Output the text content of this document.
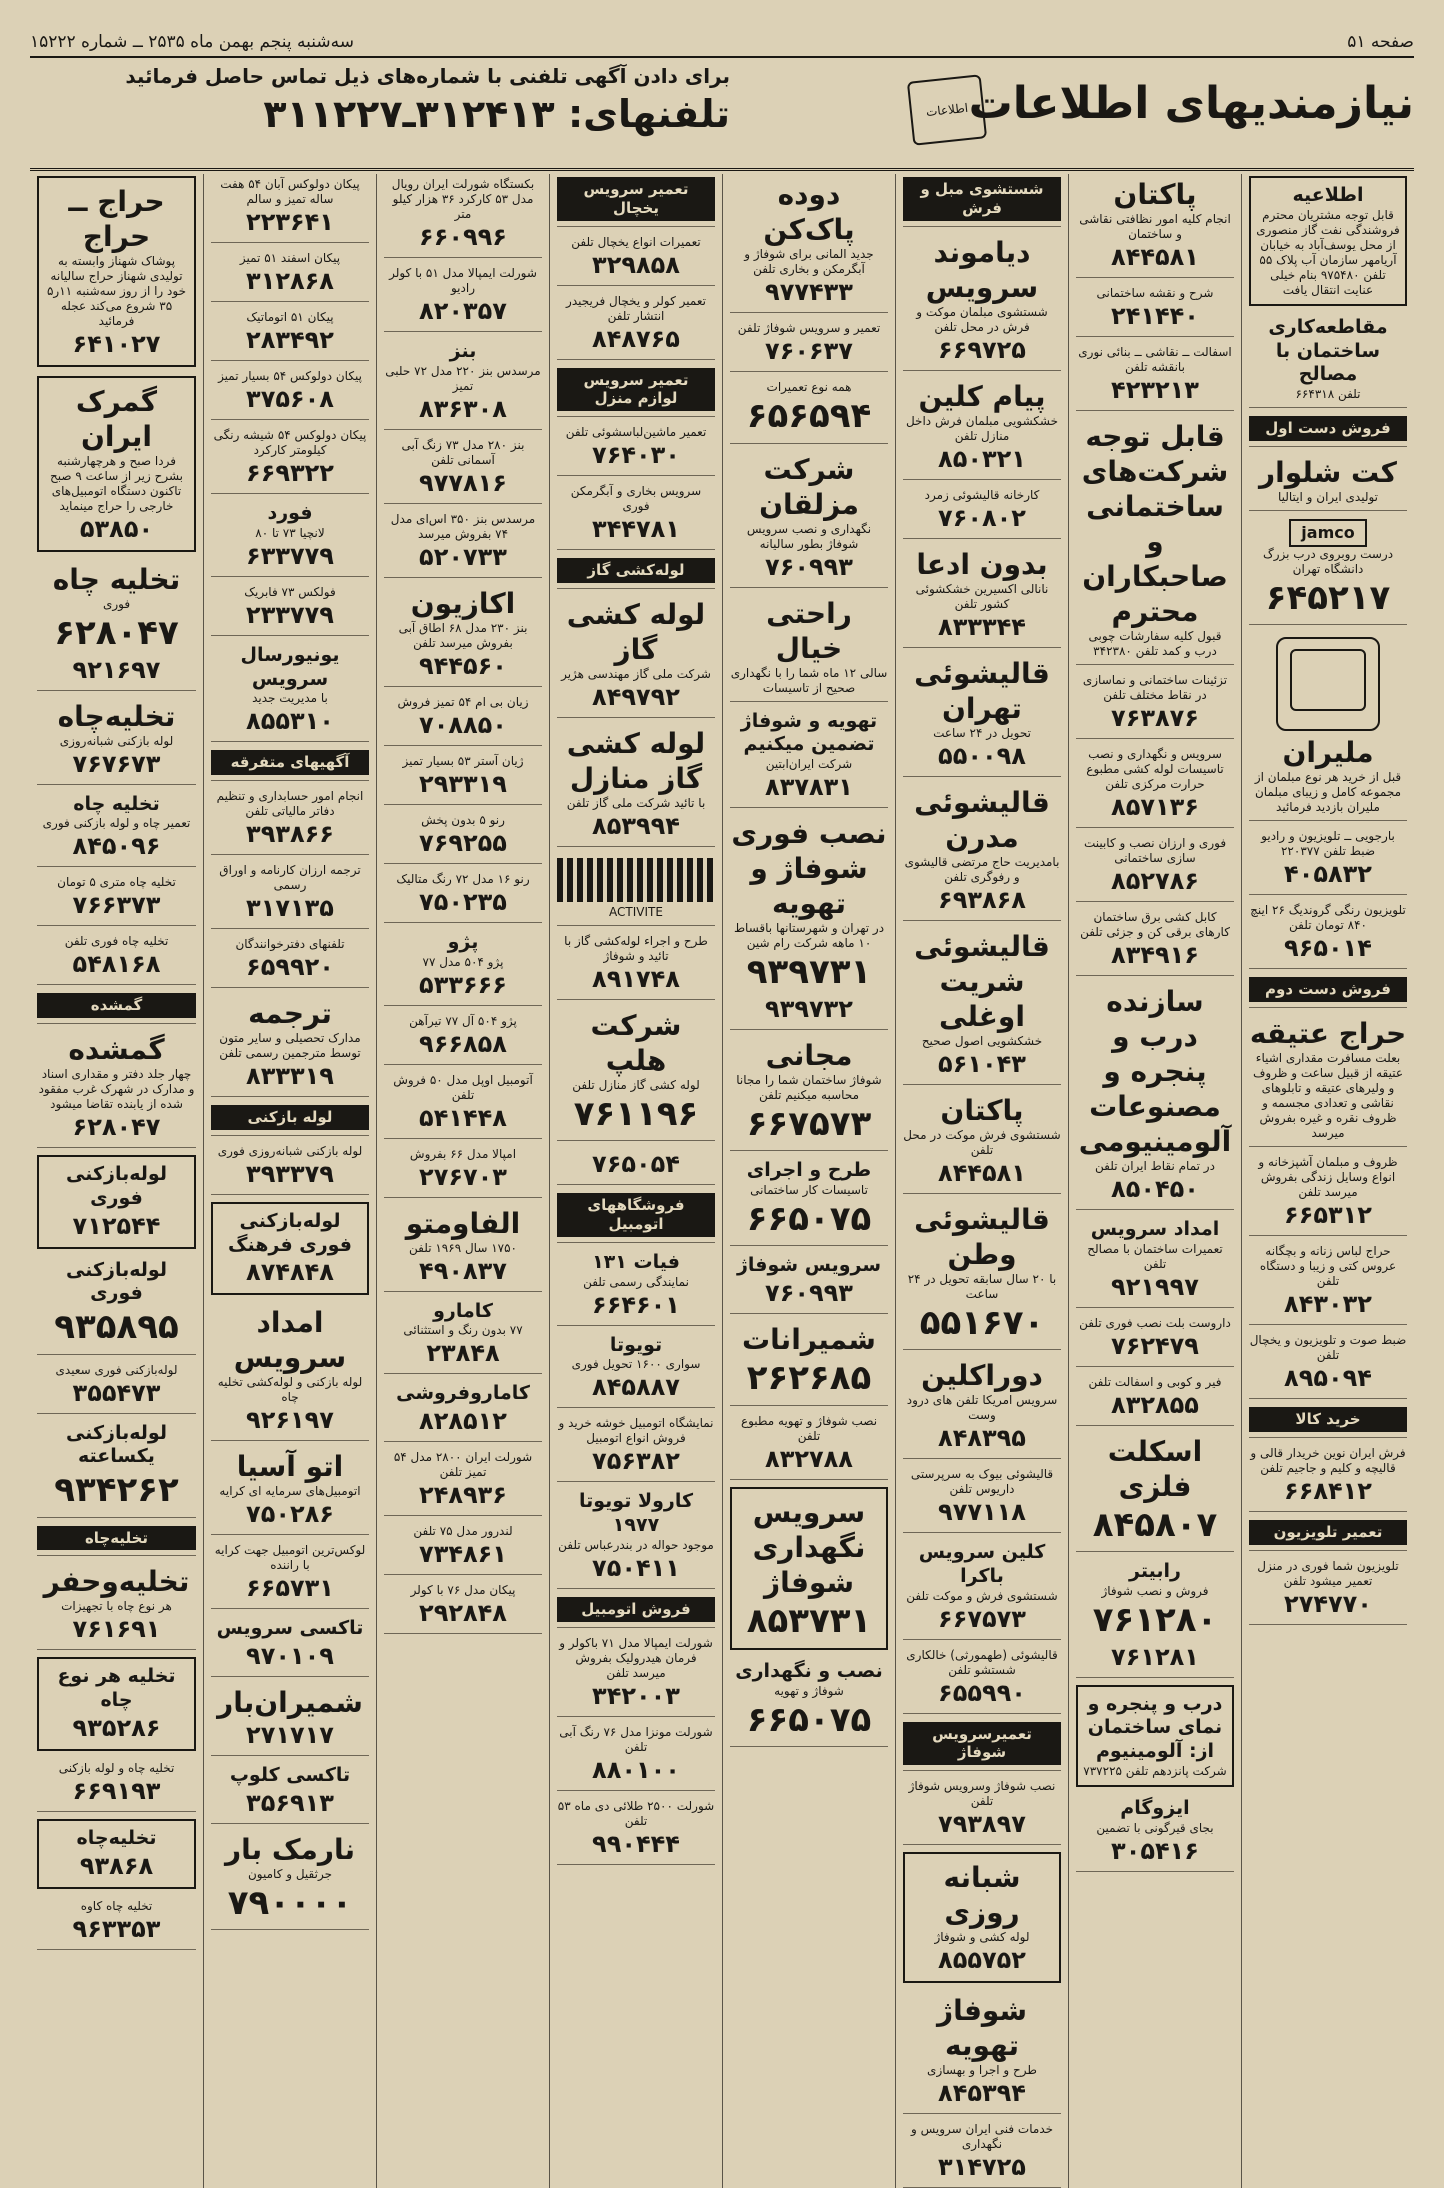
صفحه ۵۱
سه‌شنبه پنجم بهمن ماه ۲۵۳۵ ــ شماره ۱۵۲۲۲
نیازمندیهای اطلاعات
اطلاعات
برای دادن آگهی تلفنی با شماره‌های ذیل تماس حاصل فرمائید
تلفنهای: ۳۱۲۴۱۳ـ۳۱۱۲۲۷
اطلاعیه
قابل توجه مشتریان محترم فروشندگی نفت گاز منصوری از محل یوسف‌آباد به خیابان آریامهر سازمان آب پلاک ۵۵ تلفن ۹۷۵۴۸۰ بنام خیلی عنایت انتقال یافت
مقاطعه‌کاری ساختمان با مصالح
تلفن ۶۶۴۳۱۸
فروش دست اول
کت شلوار
تولیدی ایران و ایتالیا
jamco
درست روبروی درب بزرگ دانشگاه تهران
۶۴۵۲۱۷
ملیران
قبل از خرید هر نوع مبلمان از مجموعه کامل و زیبای مبلمان ملیران بازدید فرمائید
بارجویی ــ تلویزیون و رادیو ضبط تلفن ۲۲۰۳۷۷
۴۰۵۸۳۲
تلویزیون رنگی گروندیگ ۲۶ اینچ ۸۴۰ تومان تلفن
۹۶۵۰۱۴
فروش دست دوم
حراج عتیقه
بعلت مسافرت مقداری اشیاء عتیقه از قبیل ساعت و ظروف و ولیرهای عتیقه و تابلوهای نقاشی و تعدادی مجسمه و ظروف نقره و غیره بفروش میرسد
ظروف و مبلمان آشپزخانه و انواع وسایل زندگی بفروش میرسد تلفن
۶۶۵۳۱۲
حراج لباس زنانه و بچگانه عروس کتی و زیبا و دستگاه تلفن
۸۴۳۰۳۲
ضبط صوت و تلویزیون و یخچال تلفن
۸۹۵۰۹۴
خرید کالا
فرش ایران نوین خریدار قالی و قالیچه و کلیم و جاجیم تلفن
۶۶۸۴۱۲
تعمیر تلویزیون
تلویزیون شما فوری در منزل تعمیر میشود تلفن
۲۷۴۷۷۰
پاکتان
انجام کلیه امور نظافتی نقاشی و ساختمان
۸۴۴۵۸۱
شرح و نقشه ساختمانی
۲۴۱۴۴۰
اسفالت ــ نقاشی ــ بنائی نوری بانقشه تلفن
۴۲۳۲۱۳
قابل توجه شرکت‌های ساختمانی و صاحبکاران محترم
قبول کلیه سفارشات چوبی درب و کمد تلفن ۳۴۲۳۸۰
تزئینات ساختمانی و نماسازی در نقاط مختلف تلفن
۷۶۳۸۷۶
سرویس و نگهداری و نصب تاسیسات لوله کشی مطبوع حرارت مرکزی تلفن
۸۵۷۱۳۶
فوری و ارزان نصب و کابینت سازی ساختمانی
۸۵۲۷۸۶
کابل کشی برق ساختمان کارهای برقی کن و جزئی تلفن
۸۳۴۹۱۶
سازنده درب و پنجره و مصنوعات آلومینیومی
در تمام نقاط ایران تلفن
۸۵۰۴۵۰
امداد سرویس
تعمیرات ساختمان با مصالح تلفن
۹۲۱۹۹۷
داروست بلت نصب فوری تلفن
۷۶۲۴۷۹
فیر و کوبی و اسفالت تلفن
۸۳۲۸۵۵
اسکلت فلزی
۸۴۵۸۰۷
رابیتر
فروش و نصب شوفاژ
۷۶۱۲۸۰
۷۶۱۲۸۱
درب و پنجره و نمای ساختمان از: آلومینیوم
شرکت پانزدهم تلفن ۷۳۷۲۲۵
ایزوگام
بجای قیرگونی با تضمین
۳۰۵۴۱۶
شستشوی مبل و فرش
دیاموند سرویس
شستشوی مبلمان موکت و فرش در محل تلفن
۶۶۹۷۲۵
پیام کلین
خشکشویی مبلمان فرش داخل منازل تلفن
۸۵۰۳۲۱
کارخانه قالیشوئی زمرد
۷۶۰۸۰۲
بدون ادعا
نانالی اکسیرین خشکشوئی کشور تلفن
۸۳۳۳۴۴
قالیشوئی تهران
تحویل در ۲۴ ساعت
۵۵۰۰۹۸
قالیشوئی مدرن
بامدیریت حاج مرتضی قالیشوی و رفوگری تلفن
۶۹۳۸۶۸
قالیشوئی شریت اوغلی
خشکشویی اصول صحیح
۵۶۱۰۴۳
پاکتان
شستشوی فرش موکت در محل تلفن
۸۴۴۵۸۱
قالیشوئی وطن
با ۲۰ سال سابقه تحویل در ۲۴ ساعت
۵۵۱۶۷۰
دوراکلین
سرویس امریکا تلفن های درود وست
۸۴۸۳۹۵
قالیشوئی بیوک به سرپرستی داریوس تلفن
۹۷۷۱۱۸
کلین سرویس باکرا
شستشوی فرش و موکت تلفن
۶۶۷۵۷۳
قالیشوئی (طهمورثی) خالکاری شستشو تلفن
۶۵۵۹۹۰
تعمیرسرویس شوفاژ
نصب شوفاژ وسرویس شوفاژ تلفن
۷۹۳۸۹۷
شبانه روزی
لوله کشی و شوفاژ
۸۵۵۷۵۲
شوفاژ تهویه
طرح و اجرا و بهسازی
۸۴۵۳۹۴
خدمات فنی ایران سرویس و نگهداری
۳۱۴۷۲۵
دوده پاک‌کن
جدید المانی برای شوفاژ و آبگرمکن و بخاری تلفن
۹۷۷۴۳۳
تعمیر و سرویس شوفاژ تلفن
۷۶۰۶۳۷
همه نوع تعمیرات
۶۵۶۵۹۴
شرکت مزلقان
نگهداری و نصب سرویس شوفاژ بطور سالیانه
۷۶۰۹۹۳
راحتی خیال
سالی ۱۲ ماه شما را با نگهداری صحیح از تاسیسات
تهویه و شوفاژ تضمین میکنیم
شرکت ایران‌ابتین
۸۳۷۸۳۱
نصب فوری شوفاژ و تهویه
در تهران و شهرستانها باقساط ۱۰ ماهه شرکت رام شین
۹۳۹۷۳۱
۹۳۹۷۳۲
مجانی
شوفاژ ساختمان شما را مجانا محاسبه میکنیم تلفن
۶۶۷۵۷۳
طرح و اجرای
تاسیسات کار ساختمانی
۶۶۵۰۷۵
سرویس شوفاژ
۷۶۰۹۹۳
شمیرانات
۲۶۲۶۸۵
نصب شوفاژ و تهویه مطبوع تلفن
۸۳۲۷۸۸
سرویس نگهداری شوفاژ
۸۵۳۷۳۱
نصب و نگهداری
شوفاژ و تهویه
۶۶۵۰۷۵
تعمیر سرویس یخچال
تعمیرات انواع یخچال تلفن
۳۲۹۸۵۸
تعمیر کولر و یخچال فریجیدر انتشار تلفن
۸۴۸۷۶۵
تعمیر سرویس لوازم منزل
تعمیر ماشین‌لباسشوئی تلفن
۷۶۴۰۳۰
سرویس بخاری و آبگرمکن فوری
۳۴۴۷۸۱
لوله‌کشی گاز
لوله کشی گاز
شرکت ملی گاز مهندسی هژیر
۸۴۹۷۹۲
لوله کشی گاز منازل
با تائید شرکت ملی گاز تلفن
۸۵۳۹۹۴
ACTIVITE
طرح و اجراء لوله‌کشی گاز با تائید و شوفاژ
۸۹۱۷۴۸
شرکت هلپ
لوله کشی گاز منازل تلفن
۷۶۱۱۹۶
۷۶۵۰۵۴
فروشگاههای اتومبیل
فیات ۱۳۱
نمایندگی رسمی تلفن
۶۶۴۶۰۱
تویوتا
سواری ۱۶۰۰ تحویل فوری
۸۴۵۸۸۷
نمایشگاه اتومبیل خوشه خرید و فروش انواع اتومبیل
۷۵۶۳۸۲
کارولا تویوتا ۱۹۷۷
موجود حواله در بندرعباس تلفن
۷۵۰۴۱۱
فروش اتومبیل
شورلت ایمپالا مدل ۷۱ باکولر و فرمان هیدرولیک بفروش میرسد تلفن
۳۴۲۰۰۳
شورلت مونزا مدل ۷۶ رنگ آبی تلفن
۸۸۰۱۰۰
شورلت ۲۵۰۰ طلائی دی ماه ۵۳ تلفن
۹۹۰۴۴۴
بکستگاه شورلت ایران رویال مدل ۵۳ کارکرد ۳۶ هزار کیلو متر
۶۶۰۹۹۶
شورلت ایمپالا مدل ۵۱ با کولر رادیو
۸۲۰۳۵۷
بنز
مرسدس بنز ۲۲۰ مدل ۷۲ حلبی تمیز
۸۳۶۳۰۸
بنز ۲۸۰ مدل ۷۳ زنگ آبی آسمانی تلفن
۹۷۷۸۱۶
مرسدس بنز ۳۵۰ اس‌ای مدل ۷۴ بفروش میرسد
۵۲۰۷۳۳
اکازیون
بنز ۲۳۰ مدل ۶۸ اطاق آبی بفروش میرسد تلفن
۹۴۴۵۶۰
زیان بی ام ۵۴ تمیز فروش
۷۰۸۸۵۰
ژیان آستر ۵۳ بسیار تمیز
۲۹۳۳۱۹
رنو ۵ بدون پخش
۷۶۹۲۵۵
رنو ۱۶ مدل ۷۲ رنگ متالیک
۷۵۰۲۳۵
پژو
پژو ۵۰۴ مدل ۷۷
۵۳۳۶۶۶
پژو ۵۰۴ آل ۷۷ تیرآهن
۹۶۶۸۵۸
آتومبیل اوپل مدل ۵۰ فروش تلفن
۵۴۱۴۴۸
امپالا مدل ۶۶ بفروش
۲۷۶۷۰۳
الفاومتو
۱۷۵۰ سال ۱۹۶۹ تلفن
۴۹۰۸۳۷
کامارو
۷۷ بدون رنگ و استثنائی
۲۳۸۴۸
کاماروفروشی
۸۲۸۵۱۲
شورلت ایران ۲۸۰۰ مدل ۵۴ تمیز تلفن
۲۴۸۹۳۶
لندرور مدل ۷۵ تلفن
۷۳۴۸۶۱
پیکان مدل ۷۶ با کولر
۲۹۲۸۴۸
پیکان دولوکس آبان ۵۴ هفت ساله تمیز و سالم
۲۲۳۶۴۱
پیکان اسفند ۵۱ تمیز
۳۱۲۸۶۸
پیکان ۵۱ اتوماتیک
۲۸۳۴۹۲
پیکان دولوکس ۵۴ بسیار تمیز
۳۷۵۶۰۸
پیکان دولوکس ۵۴ شیشه رنگی کیلومتر کارکرد
۶۶۹۳۲۲
فورد
لانچیا ۷۳ تا ۸۰
۶۳۳۷۷۹
فولکس ۷۳ فابریک
۲۳۳۷۷۹
یونیورسال سرویس
با مدیریت جدید
۸۵۵۳۱۰
آگهیهای متفرقه
انجام امور حسابداری و تنظیم دفاتر مالیاتی تلفن
۳۹۳۸۶۶
ترجمه ارزان کارنامه و اوراق رسمی
۳۱۷۱۳۵
تلفنهای دفترخوانندگان
۶۵۹۹۲۰
ترجمه
مدارک تحصیلی و سایر متون توسط مترجمین رسمی تلفن
۸۳۳۳۱۹
لوله بازکنی
لوله بازکنی شبانه‌روزی فوری
۳۹۳۳۷۹
لوله‌بازکنی فوری فرهنگ
۸۷۴۸۴۸
امداد سرویس
لوله بازکنی و لوله‌کشی تخلیه چاه
۹۲۶۱۹۷
اتو آسیا
اتومبیل‌های سرمایه ای کرایه
۷۵۰۲۸۶
لوکس‌ترین اتومبیل جهت کرایه با راننده
۶۶۵۷۳۱
تاکسی سرویس
۹۷۰۱۰۹
شمیران‌بار
۲۷۱۷۱۷
تاکسی کلوپ
۳۵۶۹۱۳
نارمک بار
جرثقیل و کامیون
۷۹۰۰۰۰
حراج ــ حراج
پوشاک شهناز وابسته به تولیدی شهناز حراج سالیانه خود را از روز سه‌شنبه ۱۱ر۵ ۳۵ شروع می‌کند عجله فرمائید
۶۴۱۰۲۷
گمرک ایران
فردا صبح و هرچهارشنبه بشرح زیر از ساعت ۹ صبح تاکنون دستگاه اتومبیل‌های خارجی را حراج مینماید
۵۳۸۵۰
تخلیه چاه
فوری
۶۲۸۰۴۷
۹۲۱۶۹۷
تخلیه‌چاه
لوله بازکنی شبانه‌روزی
۷۶۷۶۷۳
تخلیه چاه
تعمیر چاه و لوله بازکنی فوری
۸۴۵۰۹۶
تخلیه چاه متری ۵ تومان
۷۶۶۳۷۳
تخلیه چاه فوری تلفن
۵۴۸۱۶۸
گمشده
گمشده
چهار جلد دفتر و مقداری اسناد و مدارک در شهرک غرب مفقود شده از یابنده تقاضا میشود
۶۲۸۰۴۷
لوله‌بازکنی فوری
۷۱۲۵۴۴
لوله‌بازکنی فوری
۹۳۵۸۹۵
لوله‌بازکنی فوری سعیدی
۳۵۵۴۷۳
لوله‌بازکنی یکساعته
۹۳۴۲۶۲
تخلیه‌چاه
تخلیه‌وحفر
هر نوع چاه با تجهیزات
۷۶۱۶۹۱
تخلیه هر نوع چاه
۹۳۵۲۸۶
تخلیه چاه و لوله بازکنی
۶۶۹۱۹۳
تخلیه‌چاه
۹۳۸۶۸
تخلیه چاه کاوه
۹۶۳۳۵۳
